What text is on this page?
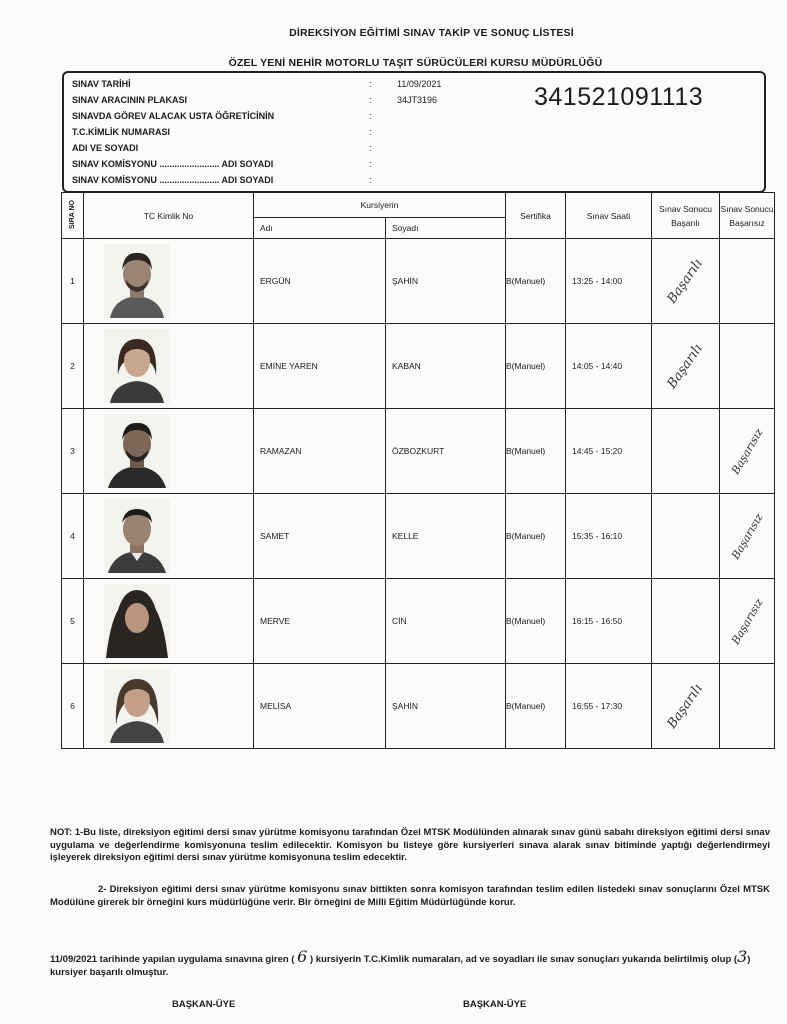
DİREKSİYON EĞİTİMİ SINAV TAKİP VE SONUÇ LİSTESİ
ÖZEL YENİ NEHİR MOTORLU TAŞIT SÜRÜCÜLERİ KURSU MÜDÜRLÜĞÜ
SINAV TARİHİ	:	11/09/2021
SINAV ARACININ PLAKASI	:	34JT3196
SINAVDA GÖREV ALACAK USTA ÖĞRETİCİNİN	:
T.C.KİMLİK NUMARASI	:
ADI VE SOYADI	:
SINAV KOMİSYONU ........................ ADI SOYADI	:
SINAV KOMİSYONU ........................ ADI SOYADI	:
341521091113
SIRA NO	TC Kimlik No	Kursiyerin		Sertifika	Sınav Saati	Sınav Sonucu Başarılı	Sınav Sonucu Başarısız
		Adı	Soyadı				
1		ERGÜN	ŞAHİN	B(Manuel)	13:25 - 14:00	Başarılı	
2		EMİNE YAREN	KABAN	B(Manuel)	14:05 - 14:40	Başarılı	
3		RAMAZAN	ÖZBOZKURT	B(Manuel)	14:45 - 15:20		Başarısız
4		SAMET	KELLE	B(Manuel)	15:35 - 16:10		Başarısız
5		MERVE	CİN	B(Manuel)	16:15 - 16:50		Başarısız
6		MELİSA	ŞAHİN	B(Manuel)	16:55 - 17:30	Başarılı	
NOT: 1-Bu liste, direksiyon eğitimi dersi sınav yürütme komisyonu tarafından Özel MTSK Modülünden alınarak sınav günü sabahı direksiyon eğitimi dersi sınav uygulama ve değerlendirme komisyonuna teslim edilecektir. Komisyon bu listeye göre kursiyerleri sınava alarak sınav bitiminde yaptığı değerlendirmeyi işleyerek direksiyon eğitimi dersi sınav yürütme komisyonuna teslim edecektir.
2- Direksiyon eğitimi dersi sınav yürütme komisyonu sınav bittikten sonra komisyon tarafından teslim edilen listedeki sınav sonuçlarını Özel MTSK Modülüne girerek bir örneğini kurs müdürlüğüne verir. Bir örneğini de Milli Eğitim Müdürlüğünde korur.
11/09/2021 tarihinde yapılan uygulama sınavına giren ( 6 ) kursiyerin T.C.Kimlik numaraları, ad ve soyadları ile sınav sonuçları yukarıda belirtilmiş olup (3) kursiyer başarılı olmuştur.
BAŞKAN-ÜYE	BAŞKAN-ÜYE
